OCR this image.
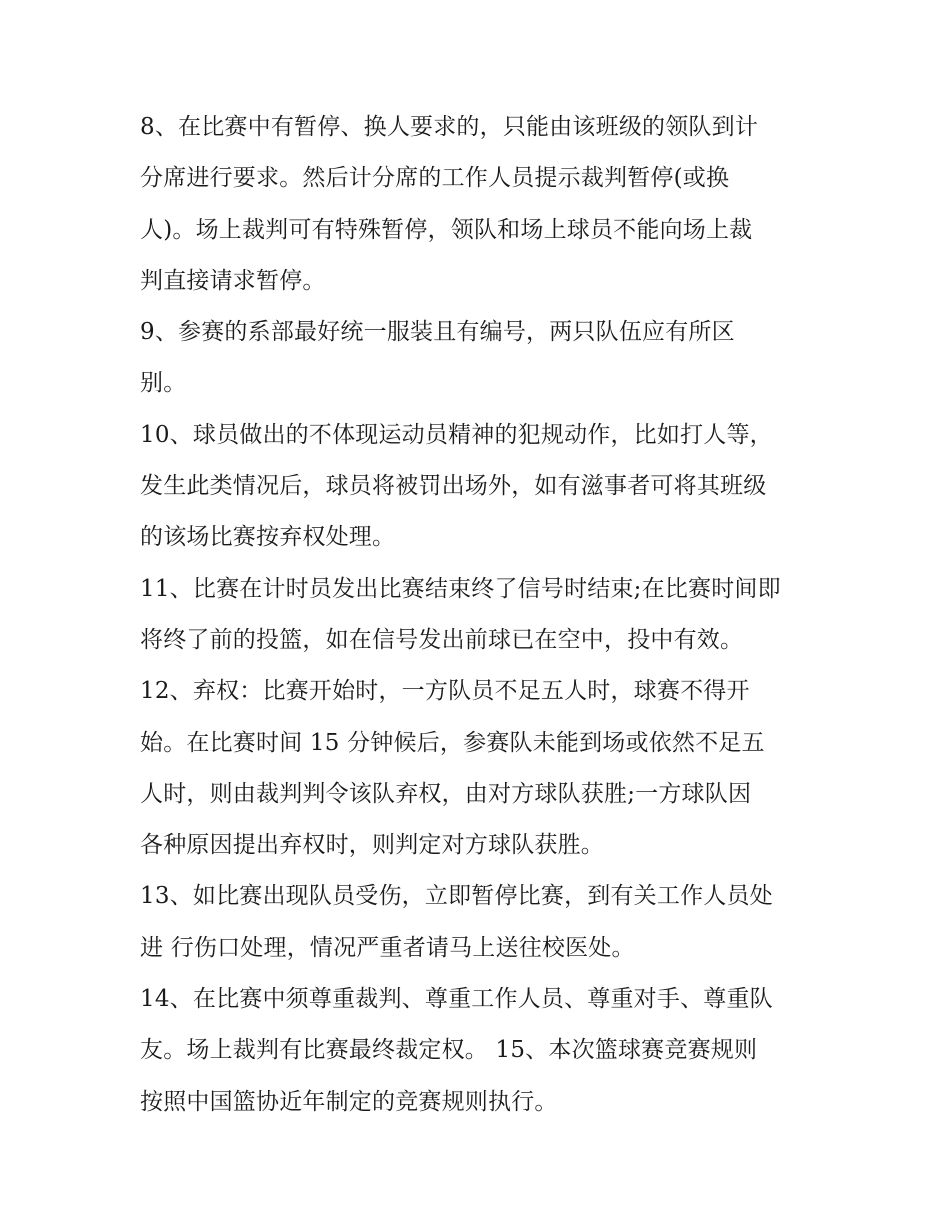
8、在比赛中有暂停、换人要求的，只能由该班级的领队到计
分席进行要求。然后计分席的工作人员提示裁判暂停(或换
人)。场上裁判可有特殊暂停，领队和场上球员不能向场上裁
判直接请求暂停。
9、参赛的系部最好统一服装且有编号，两只队伍应有所区
别。
10、球员做出的不体现运动员精神的犯规动作，比如打人等，
发生此类情况后，球员将被罚出场外，如有滋事者可将其班级
的该场比赛按弃权处理。
11、比赛在计时员发出比赛结束终了信号时结束;在比赛时间即
将终了前的投篮，如在信号发出前球已在空中，投中有效。
12、弃权：比赛开始时，一方队员不足五人时，球赛不得开
始。在比赛时间 15 分钟候后，参赛队未能到场或依然不足五
人时，则由裁判判令该队弃权，由对方球队获胜;一方球队因
各种原因提出弃权时，则判定对方球队获胜。
13、如比赛出现队员受伤，立即暂停比赛，到有关工作人员处
进 行伤口处理，情况严重者请马上送往校医处。
14、在比赛中须尊重裁判、尊重工作人员、尊重对手、尊重队
友。场上裁判有比赛最终裁定权。 15、本次篮球赛竞赛规则
按照中国篮协近年制定的竞赛规则执行。
